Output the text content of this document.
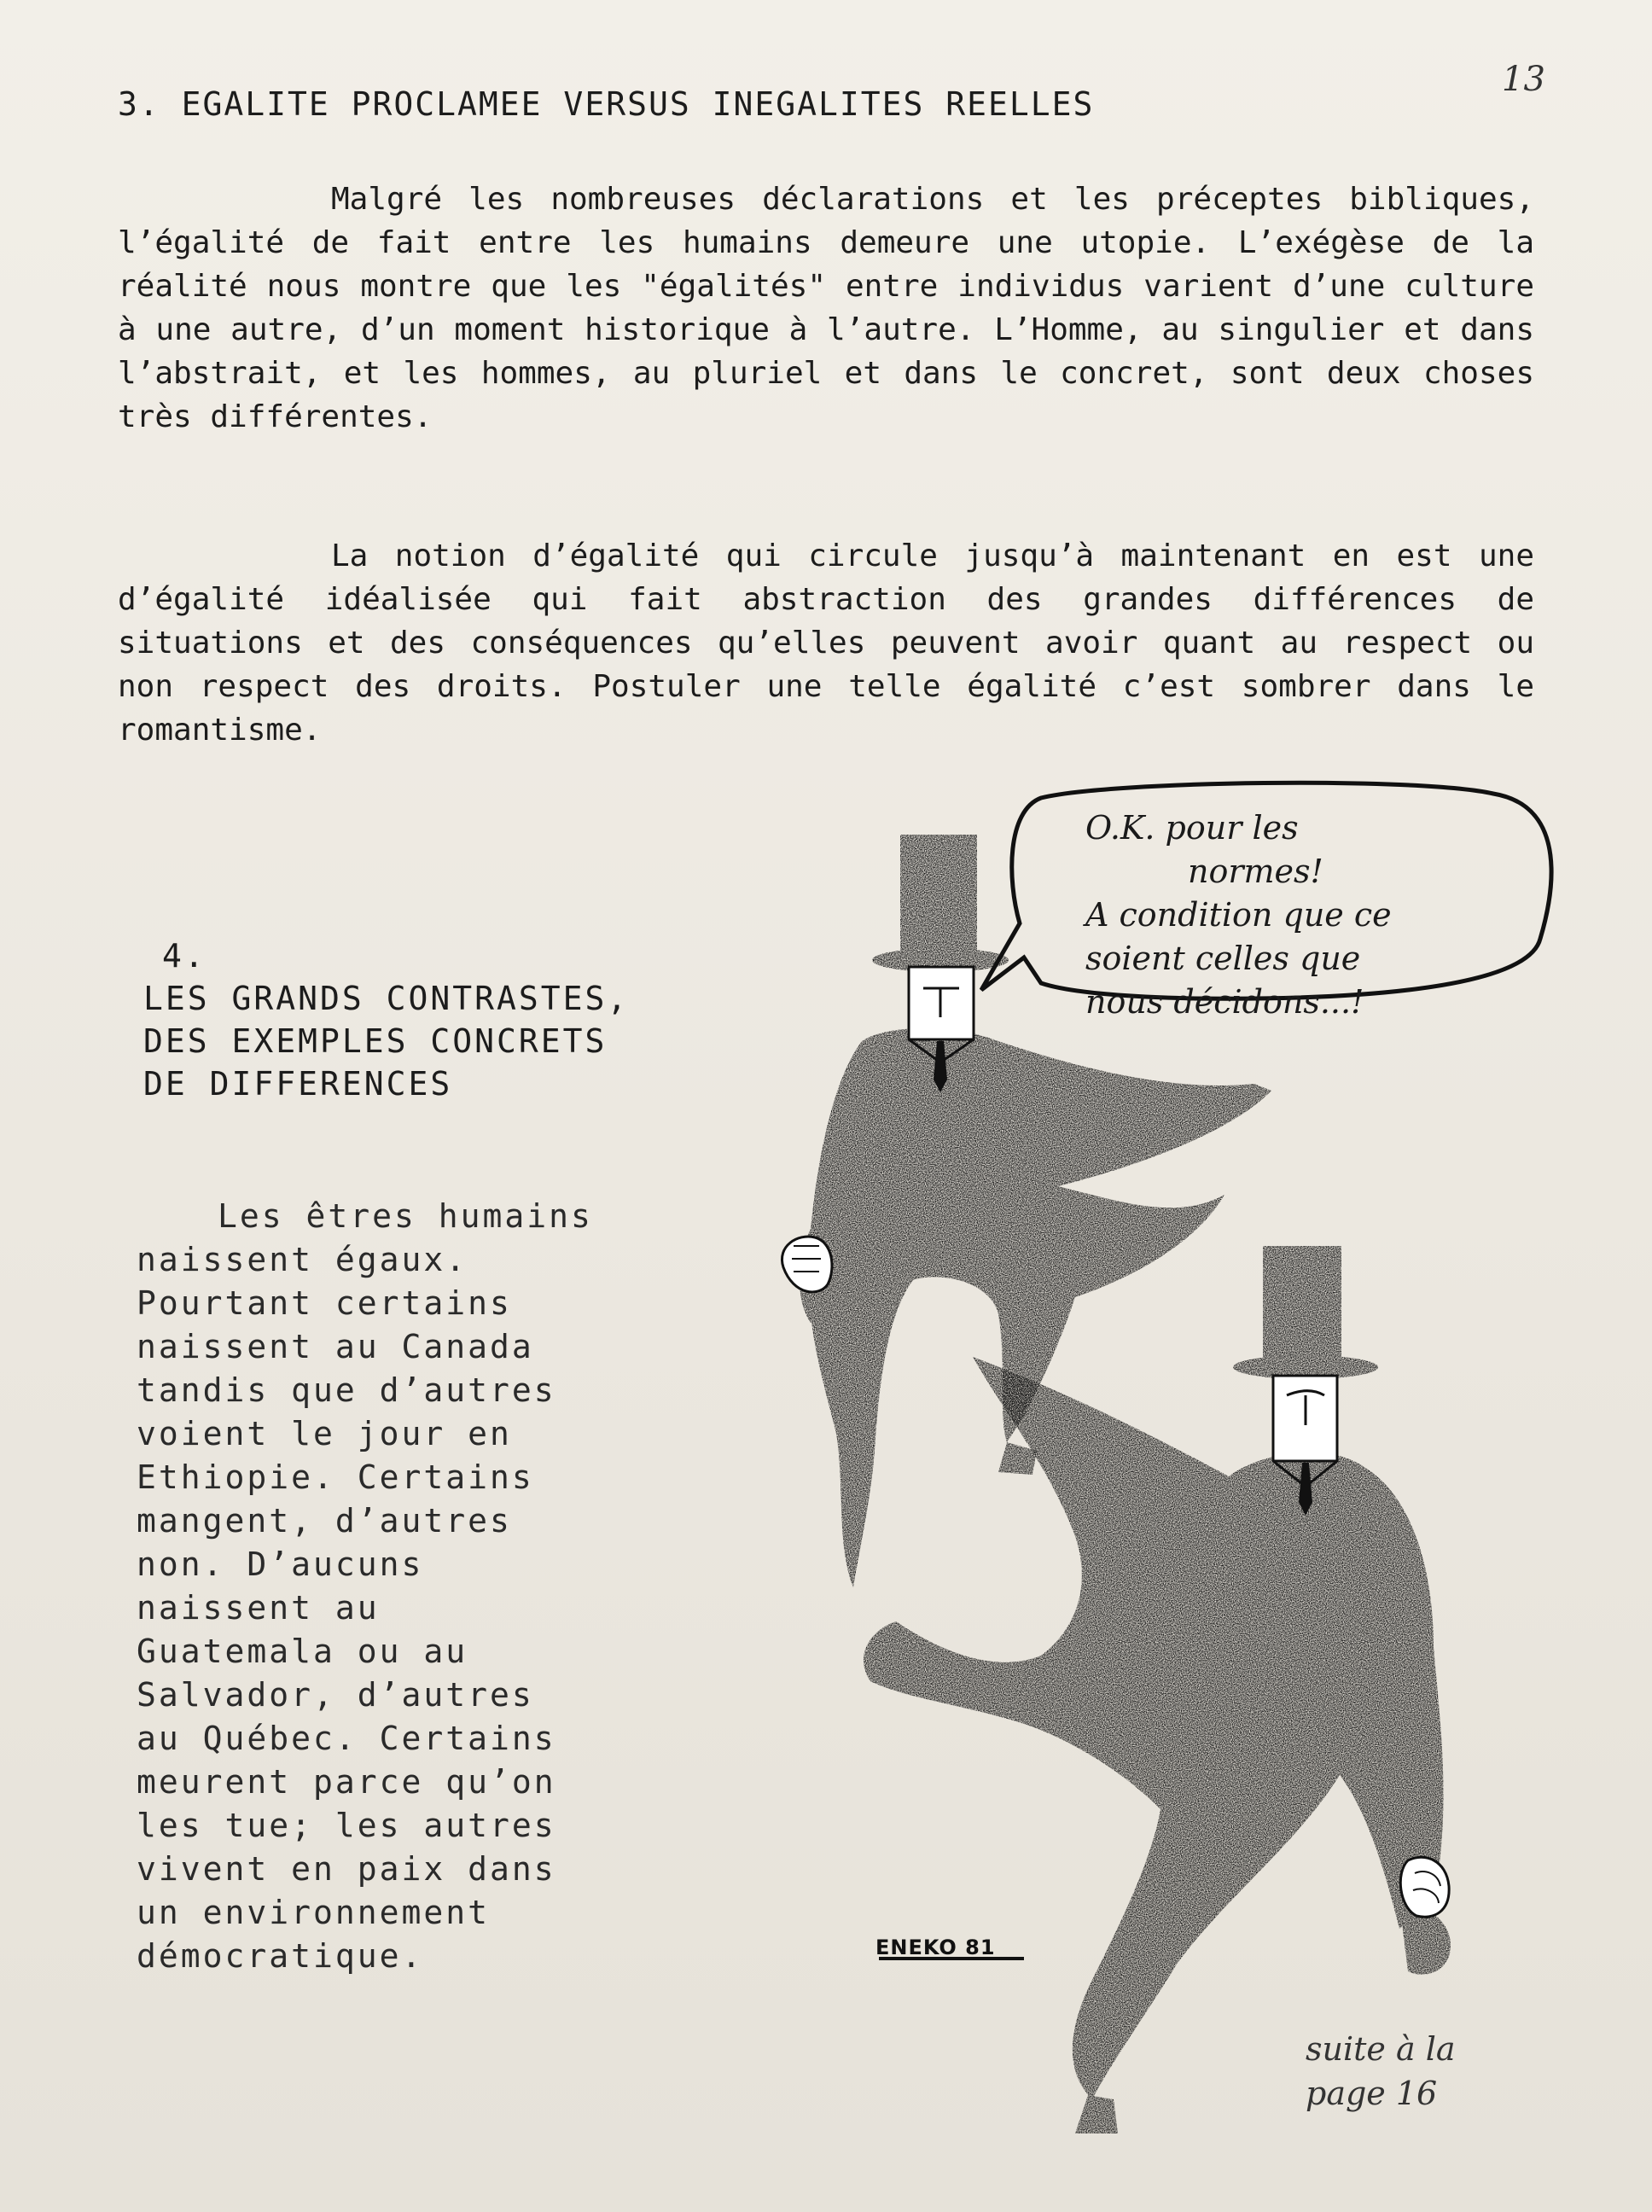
13
3. EGALITE PROCLAMEE VERSUS INEGALITES REELLES

Malgré les nombreuses déclarations et les préceptes bibliques, l’égalité de fait entre les humains demeure une utopie. L’exégèse de la réalité nous montre que les "égalités" entre individus varient d’une culture à une autre, d’un moment historique à l’autre. L’Homme, au singulier et dans l’abstrait, et les hommes, au pluriel et dans le concret, sont deux choses très différentes.

La notion d’égalité qui circule jusqu’à maintenant en est une d’égalité idéalisée qui fait abstraction des grandes différences de situations et des conséquences qu’elles peuvent avoir quant au respect ou non respect des droits. Postuler une telle égalité c’est sombrer dans le romantisme.

4.
LES GRANDS CONTRASTES,
DES EXEMPLES CONCRETS
DE DIFFERENCES
Les êtres humains
naissent égaux.
Pourtant certains
naissent au Canada
tandis que d’autres
voient le jour en
Ethiopie. Certains
mangent, d’autres
non. D’aucuns
naissent au
Guatemala ou au
Salvador, d’autres
au Québec. Certains
meurent parce qu’on
les tue; les autres
vivent en paix dans
un environnement
démocratique.
O.K. pour les
normes!
A condition que ce
soient celles que
nous décidons...!
ENEKO 81
suite à la
page 16
